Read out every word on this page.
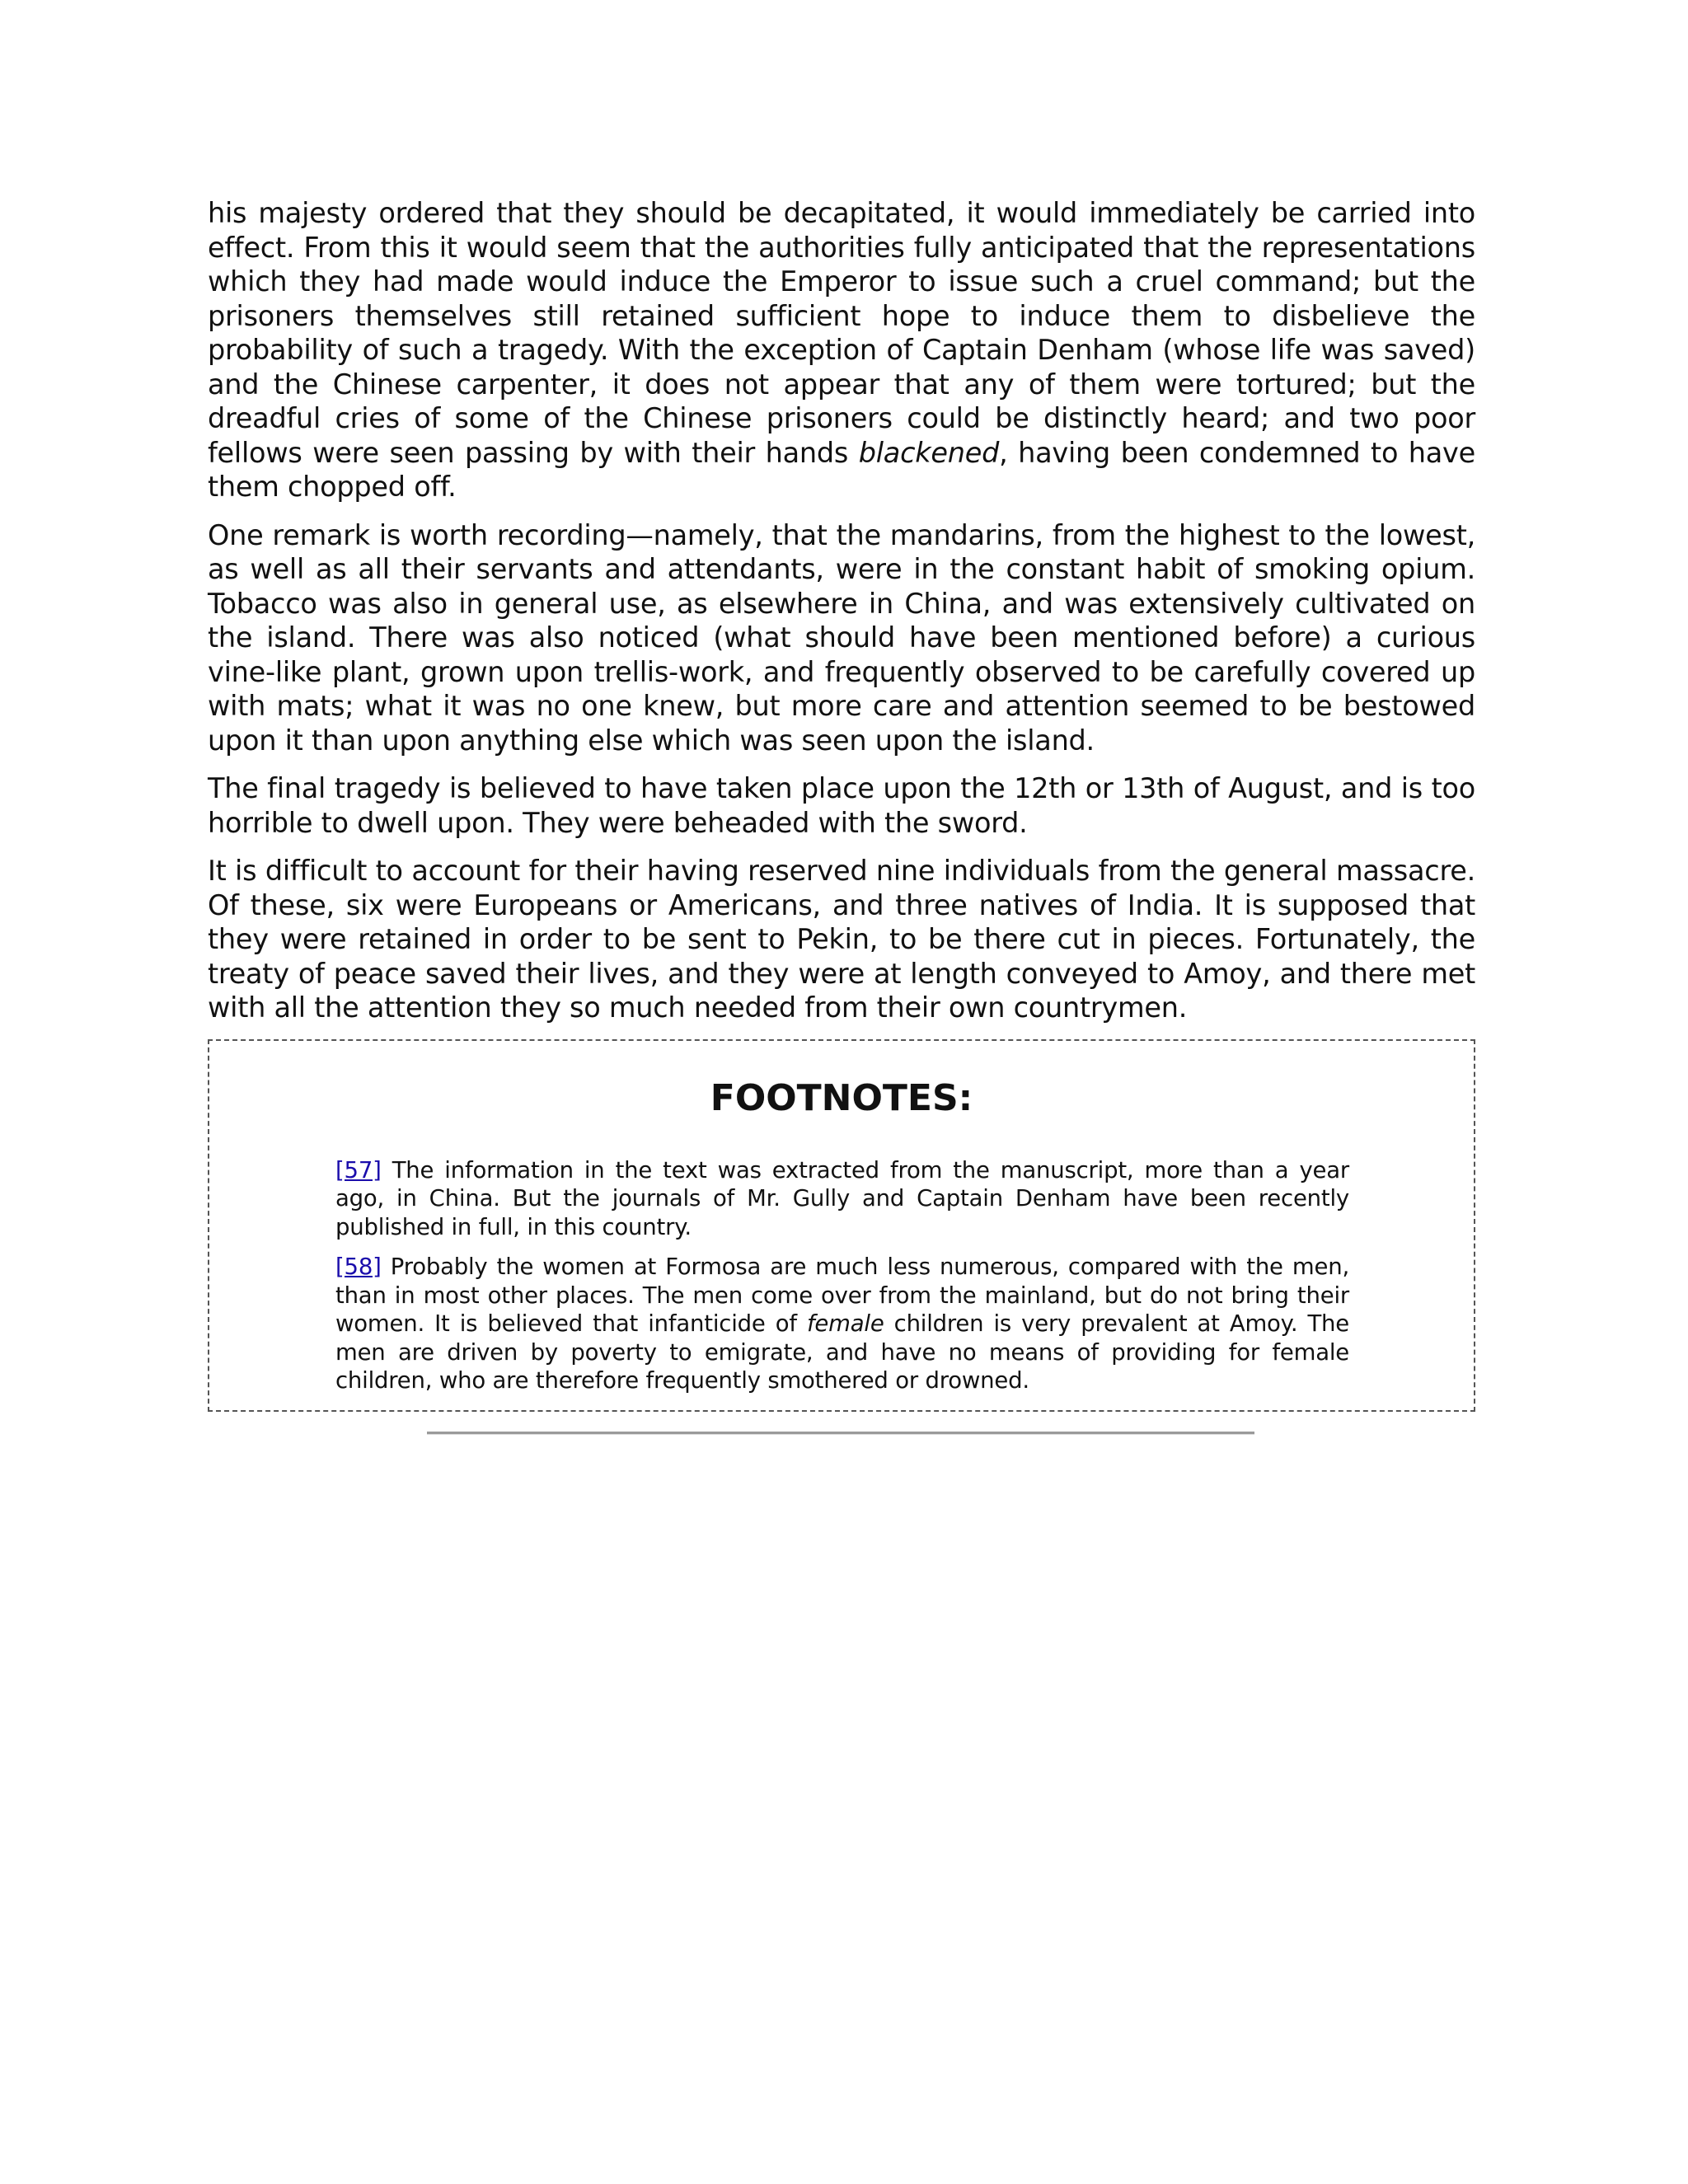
his majesty ordered that they should be decapitated, it would immediately be carried into effect. From this it would seem that the authorities fully anticipated that the representations which they had made would induce the Emperor to issue such a cruel command; but the prisoners themselves still retained sufficient hope to induce them to disbelieve the probability of such a tragedy. With the exception of Captain Denham (whose life was saved) and the Chinese carpenter, it does not appear that any of them were tortured; but the dreadful cries of some of the Chinese prisoners could be distinctly heard; and two poor fellows were seen passing by with their hands blackened, having been condemned to have them chopped off.

One remark is worth recording—namely, that the mandarins, from the highest to the lowest, as well as all their servants and attendants, were in the constant habit of smoking opium. Tobacco was also in general use, as elsewhere in China, and was extensively cultivated on the island. There was also noticed (what should have been mentioned before) a curious vine-like plant, grown upon trellis-work, and frequently observed to be carefully covered up with mats; what it was no one knew, but more care and attention seemed to be bestowed upon it than upon anything else which was seen upon the island.

The final tragedy is believed to have taken place upon the 12th or 13th of August, and is too horrible to dwell upon. They were beheaded with the sword.

It is difficult to account for their having reserved nine individuals from the general massacre. Of these, six were Europeans or Americans, and three natives of India. It is supposed that they were retained in order to be sent to Pekin, to be there cut in pieces. Fortunately, the treaty of peace saved their lives, and they were at length conveyed to Amoy, and there met with all the attention they so much needed from their own countrymen.

FOOTNOTES:

[57] The information in the text was extracted from the manuscript, more than a year ago, in China. But the journals of Mr. Gully and Captain Denham have been recently published in full, in this country.

[58] Probably the women at Formosa are much less numerous, compared with the men, than in most other places. The men come over from the mainland, but do not bring their women. It is believed that infanticide of female children is very prevalent at Amoy. The men are driven by poverty to emigrate, and have no means of providing for female children, who are therefore frequently smothered or drowned.
